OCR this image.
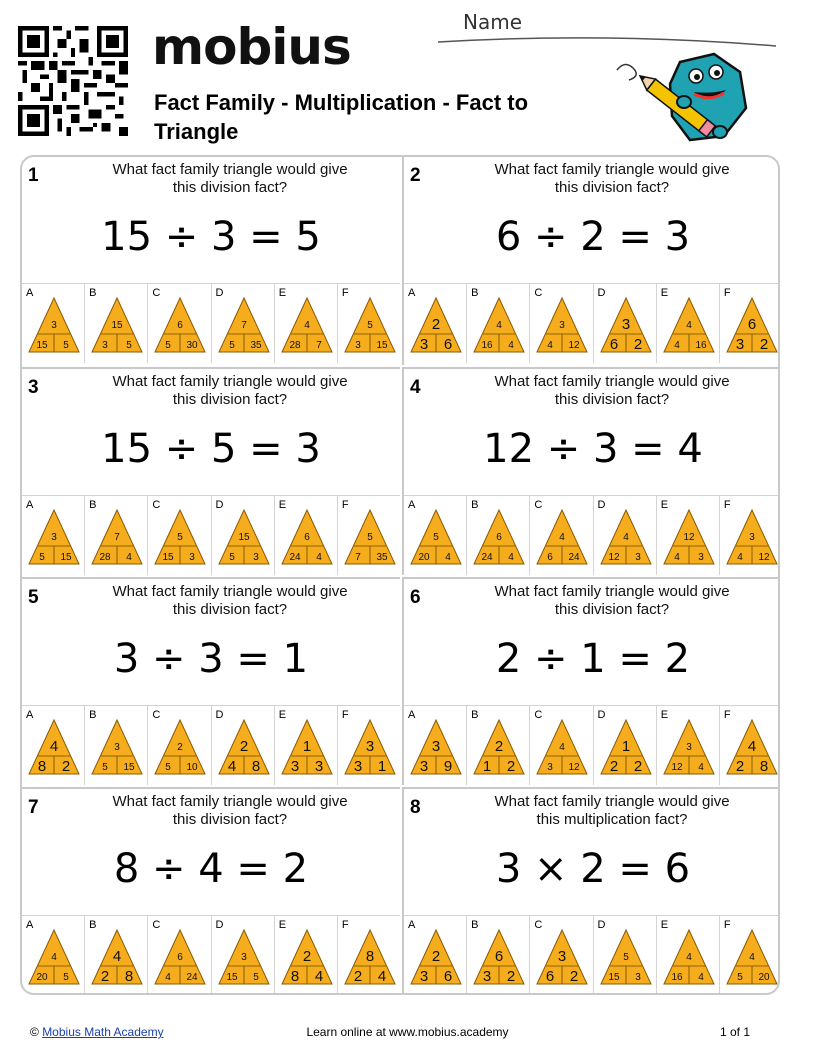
mobius
Fact Family - Multiplication - Fact to Triangle
Name
1	What fact family triangle would give
this division fact?
15 ÷ 3 = 5
A
3
15 5
B
15
3 5
C
6
5 30
D
7
5 35
E
4
28 7
F
5
3 15
2	What fact family triangle would give
this division fact?
6 ÷ 2 = 3
A
2
3 6
B
4
16 4
C
3
4 12
D
3
6 2
E
4
4 16
F
6
3 2
3	What fact family triangle would give
this division fact?
15 ÷ 5 = 3
A
3
5 15
B
7
28 4
C
5
15 3
D
15
5 3
E
6
24 4
F
5
7 35
4	What fact family triangle would give
this division fact?
12 ÷ 3 = 4
A
5
20 4
B
6
24 4
C
4
6 24
D
4
12 3
E
12
4 3
F
3
4 12
5	What fact family triangle would give
this division fact?
3 ÷ 3 = 1
A
4
8 2
B
3
5 15
C
2
5 10
D
2
4 8
E
1
3 3
F
3
3 1
6	What fact family triangle would give
this division fact?
2 ÷ 1 = 2
A
3
3 9
B
2
1 2
C
4
3 12
D
1
2 2
E
3
12 4
F
4
2 8
7	What fact family triangle would give
this division fact?
8 ÷ 4 = 2
A
4
20 5
B
4
2 8
C
6
4 24
D
3
15 5
E
2
8 4
F
8
2 4
8	What fact family triangle would give
this multiplication fact?
3 × 2 = 6
A
2
3 6
B
6
3 2
C
3
6 2
D
5
15 3
E
4
16 4
F
4
5 20
© Mobius Math Academy	Learn online at www.mobius.academy	1 of 1
